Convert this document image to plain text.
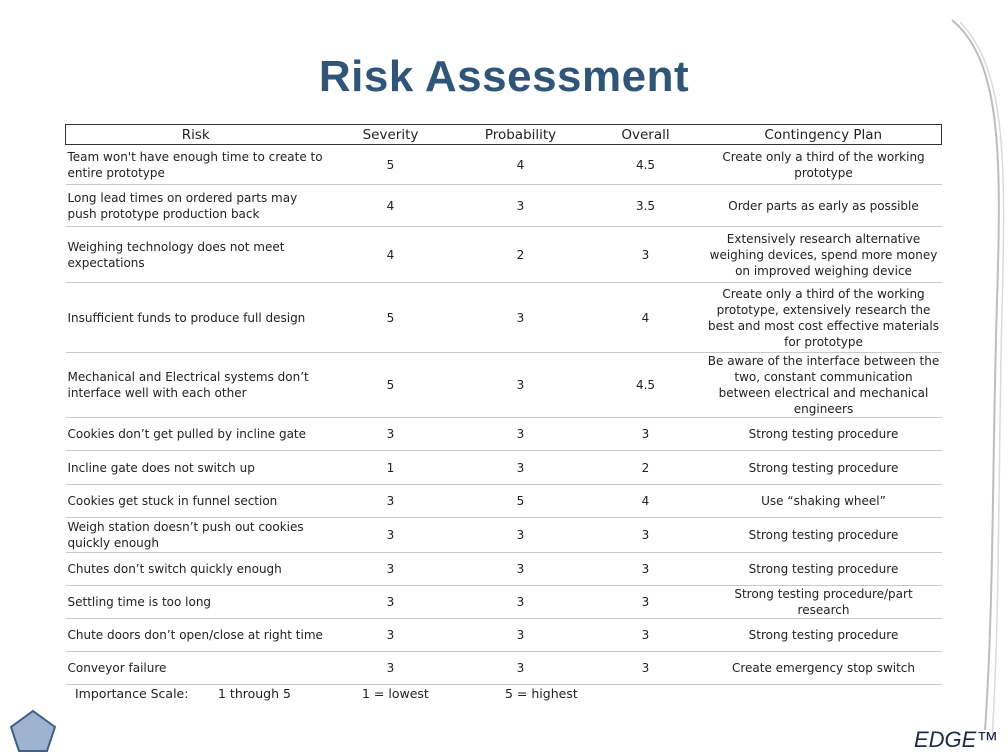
Risk Assessment
Risk	Severity	Probability	Overall	Contingency Plan
Team won't have enough time to create to entire prototype	5	4	4.5	Create only a third of the working prototype
Long lead times on ordered parts may push prototype production back	4	3	3.5	Order parts as early as possible
Weighing technology does not meet expectations	4	2	3	Extensively research alternative weighing devices, spend more money on improved weighing device
Insufficient funds to produce full design	5	3	4	Create only a third of the working prototype, extensively research the best and most cost effective materials for prototype
Mechanical and Electrical systems don’t interface well with each other	5	3	4.5	Be aware of the interface between the two, constant communication between electrical and mechanical engineers
Cookies don’t get pulled by incline gate	3	3	3	Strong testing procedure
Incline gate does not switch up	1	3	2	Strong testing procedure
Cookies get stuck in funnel section	3	5	4	Use “shaking wheel”
Weigh station doesn’t push out cookies quickly enough	3	3	3	Strong testing procedure
Chutes don’t switch quickly enough	3	3	3	Strong testing procedure
Settling time is too long	3	3	3	Strong testing procedure/part research
Chute doors don’t open/close at right time	3	3	3	Strong testing procedure
Conveyor failure	3	3	3	Create emergency stop switch
Importance Scale: 1 through 5	1 = lowest	5 = highest
EDGE™
